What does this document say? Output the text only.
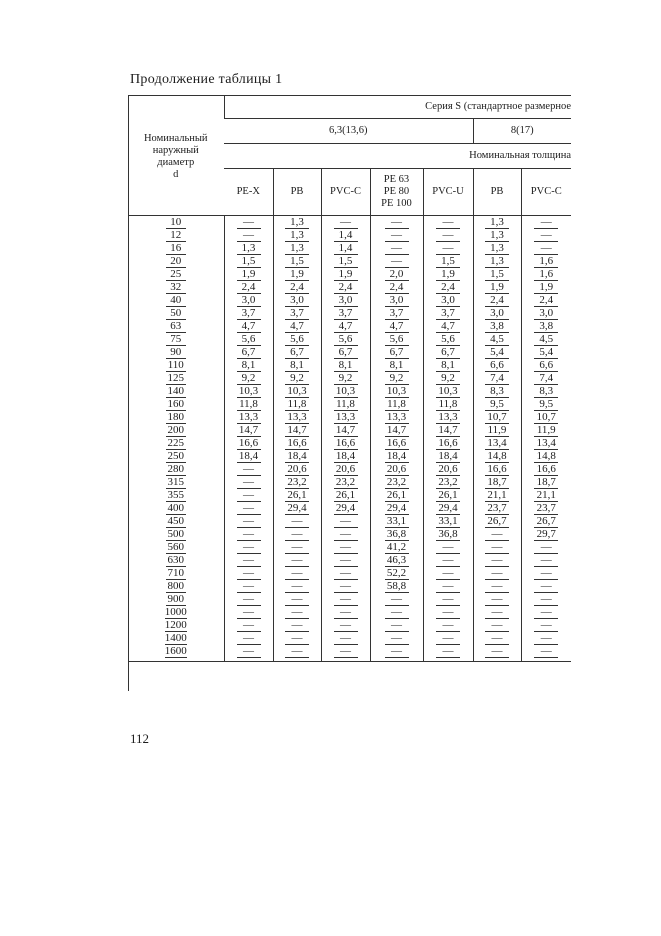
Продолжение таблицы 1
Номинальный
наружный
диаметр
d	Серия S (стандартное размерное						
	6,3(13,6)					8(17)	
	Номинальная толщина						
	PE-X	PB	PVC-C	PE 63
PE 80
PE 100	PVC-U	PB	PVC-C
10	—	1,3	—	—	—	1,3	—
12	—	1,3	1,4	—	—	1,3	—
16	1,3	1,3	1,4	—	—	1,3	—
20	1,5	1,5	1,5	—	1,5	1,3	1,6
25	1,9	1,9	1,9	2,0	1,9	1,5	1,6
32	2,4	2,4	2,4	2,4	2,4	1,9	1,9
40	3,0	3,0	3,0	3,0	3,0	2,4	2,4
50	3,7	3,7	3,7	3,7	3,7	3,0	3,0
63	4,7	4,7	4,7	4,7	4,7	3,8	3,8
75	5,6	5,6	5,6	5,6	5,6	4,5	4,5
90	6,7	6,7	6,7	6,7	6,7	5,4	5,4
110	8,1	8,1	8,1	8,1	8,1	6,6	6,6
125	9,2	9,2	9,2	9,2	9,2	7,4	7,4
140	10,3	10,3	10,3	10,3	10,3	8,3	8,3
160	11,8	11,8	11,8	11,8	11,8	9,5	9,5
180	13,3	13,3	13,3	13,3	13,3	10,7	10,7
200	14,7	14,7	14,7	14,7	14,7	11,9	11,9
225	16,6	16,6	16,6	16,6	16,6	13,4	13,4
250	18,4	18,4	18,4	18,4	18,4	14,8	14,8
280	—	20,6	20,6	20,6	20,6	16,6	16,6
315	—	23,2	23,2	23,2	23,2	18,7	18,7
355	—	26,1	26,1	26,1	26,1	21,1	21,1
400	—	29,4	29,4	29,4	29,4	23,7	23,7
450	—	—	—	33,1	33,1	26,7	26,7
500	—	—	—	36,8	36,8	—	29,7
560	—	—	—	41,2	—	—	—
630	—	—	—	46,3	—	—	—
710	—	—	—	52,2	—	—	—
800	—	—	—	58,8	—	—	—
900	—	—	—	—	—	—	—
1000	—	—	—	—	—	—	—
1200	—	—	—	—	—	—	—
1400	—	—	—	—	—	—	—
1600	—	—	—	—	—	—	—
112
